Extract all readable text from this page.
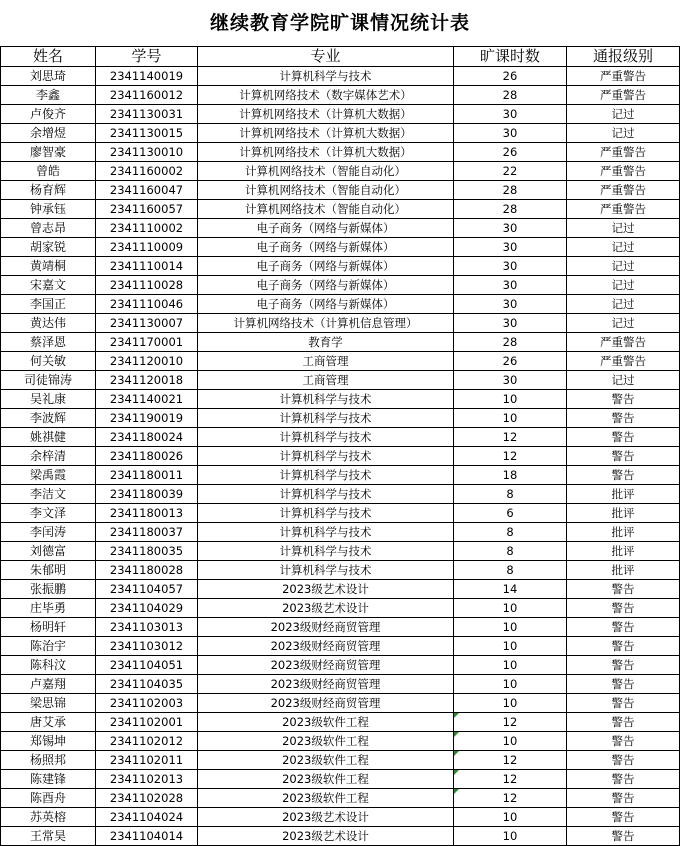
继续教育学院旷课情况统计表
姓名	学号	专业	旷课时数	通报级别
刘思琦	2341140019	计算机科学与技术	26	严重警告
李鑫	2341160012	计算机网络技术（数字媒体艺术）	28	严重警告
卢俊齐	2341130031	计算机网络技术（计算机大数据）	30	记过
余增煜	2341130015	计算机网络技术（计算机大数据）	30	记过
廖智豪	2341130010	计算机网络技术（计算机大数据）	26	严重警告
曾皓	2341160002	计算机网络技术（智能自动化）	22	严重警告
杨育辉	2341160047	计算机网络技术（智能自动化）	28	严重警告
钟承钰	2341160057	计算机网络技术（智能自动化）	28	严重警告
曾志昂	2341110002	电子商务（网络与新媒体）	30	记过
胡家锐	2341110009	电子商务（网络与新媒体）	30	记过
黄靖桐	2341110014	电子商务（网络与新媒体）	30	记过
宋嘉文	2341110028	电子商务（网络与新媒体）	30	记过
李国正	2341110046	电子商务（网络与新媒体）	30	记过
黄达伟	2341130007	计算机网络技术（计算机信息管理）	30	记过
蔡泽恩	2341170001	教育学	28	严重警告
何关敏	2341120010	工商管理	26	严重警告
司徒锦涛	2341120018	工商管理	30	记过
吴礼康	2341140021	计算机科学与技术	10	警告
李波辉	2341190019	计算机科学与技术	10	警告
姚祺健	2341180024	计算机科学与技术	12	警告
余梓清	2341180026	计算机科学与技术	12	警告
梁禹霞	2341180011	计算机科学与技术	18	警告
李洁文	2341180039	计算机科学与技术	8	批评
李文泽	2341180013	计算机科学与技术	6	批评
李闰涛	2341180037	计算机科学与技术	8	批评
刘德富	2341180035	计算机科学与技术	8	批评
朱郁明	2341180028	计算机科学与技术	8	批评
张振鹏	2341104057	2023级艺术设计	14	警告
庄毕勇	2341104029	2023级艺术设计	10	警告
杨明轩	2341103013	2023级财经商贸管理	10	警告
陈治宇	2341103012	2023级财经商贸管理	10	警告
陈科汶	2341104051	2023级财经商贸管理	10	警告
卢嘉翔	2341104035	2023级财经商贸管理	10	警告
梁思锦	2341102003	2023级财经商贸管理	10	警告
唐艾承	2341102001	2023级软件工程	12	警告
郑锡坤	2341102012	2023级软件工程	10	警告
杨照邦	2341102011	2023级软件工程	12	警告
陈建锋	2341102013	2023级软件工程	12	警告
陈酉舟	2341102028	2023级软件工程	12	警告
苏英榕	2341104024	2023级艺术设计	10	警告
王常昊	2341104014	2023级艺术设计	10	警告
